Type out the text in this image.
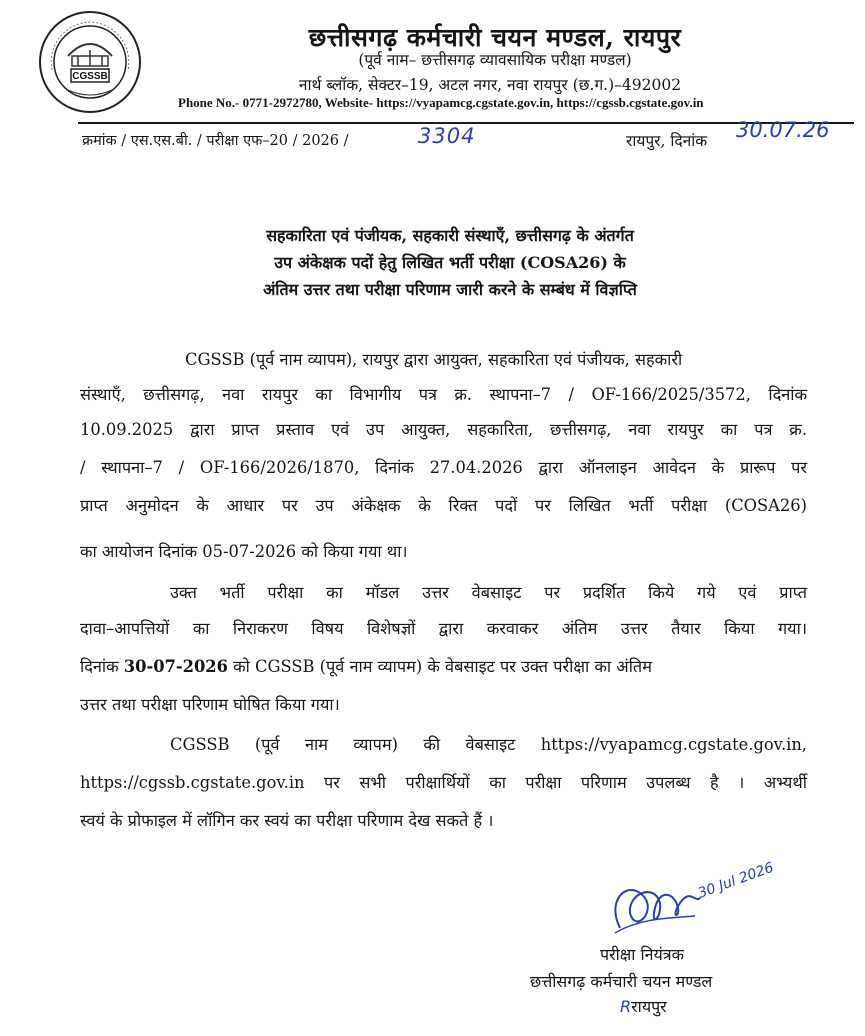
CGSSB
छत्तीसगढ़ कर्मचारी चयन मण्डल, रायपुर
(पूर्व नाम– छत्तीसगढ़ व्यावसायिक परीक्षा मण्डल)
नार्थ ब्लॉक, सेक्टर–19, अटल नगर, नवा रायपुर (छ.ग.)–492002
Phone No.- 0771-2972780, Website- https://vyapamcg.cgstate.gov.in, https://cgssb.cgstate.gov.in
क्रमांक / एस.एस.बी. / परीक्षा एफ–20 / 2026 /	3304	रायपुर, दिनांक 30.07.26
सहकारिता एवं पंजीयक, सहकारी संस्थाएँ, छत्तीसगढ़ के अंतर्गत
उप अंकेक्षक पदों हेतु लिखित भर्ती परीक्षा (COSA26) के
अंतिम उत्तर तथा परीक्षा परिणाम जारी करने के सम्बंध में विज्ञप्ति
CGSSB (पूर्व नाम व्यापम), रायपुर द्वारा आयुक्त, सहकारिता एवं पंजीयक, सहकारी
संस्थाएँ, छत्तीसगढ़, नवा रायपुर का विभागीय पत्र क्र. स्थापना–7 / OF-166/2025/3572, दिनांक
10.09.2025 द्वारा प्राप्त प्रस्ताव एवं उप आयुक्त, सहकारिता, छत्तीसगढ़, नवा रायपुर का पत्र क्र.
/ स्थापना–7 / OF-166/2026/1870, दिनांक 27.04.2026 द्वारा ऑनलाइन आवेदन के प्रारूप पर
प्राप्त अनुमोदन के आधार पर उप अंकेक्षक के रिक्त पदों पर लिखित भर्ती परीक्षा (COSA26)
का आयोजन दिनांक 05-07-2026 को किया गया था।
उक्त भर्ती परीक्षा का मॉडल उत्तर वेबसाइट पर प्रदर्शित किये गये एवं प्राप्त
दावा–आपत्तियों का निराकरण विषय विशेषज्ञों द्वारा करवाकर अंतिम उत्तर तैयार किया गया।
दिनांक 30-07-2026 को CGSSB (पूर्व नाम व्यापम) के वेबसाइट पर उक्त परीक्षा का अंतिम
उत्तर तथा परीक्षा परिणाम घोषित किया गया।
CGSSB (पूर्व नाम व्यापम) की वेबसाइट https://vyapamcg.cgstate.gov.in,
https://cgssb.cgstate.gov.in पर सभी परीक्षार्थियों का परीक्षा परिणाम उपलब्ध है । अभ्यर्थी
स्वयं के प्रोफाइल में लॉगिन कर स्वयं का परीक्षा परिणाम देख सकते हैं ।
30 Jul 2026
परीक्षा नियंत्रक
छत्तीसगढ़ कर्मचारी चयन मण्डल
Rरायपुर
